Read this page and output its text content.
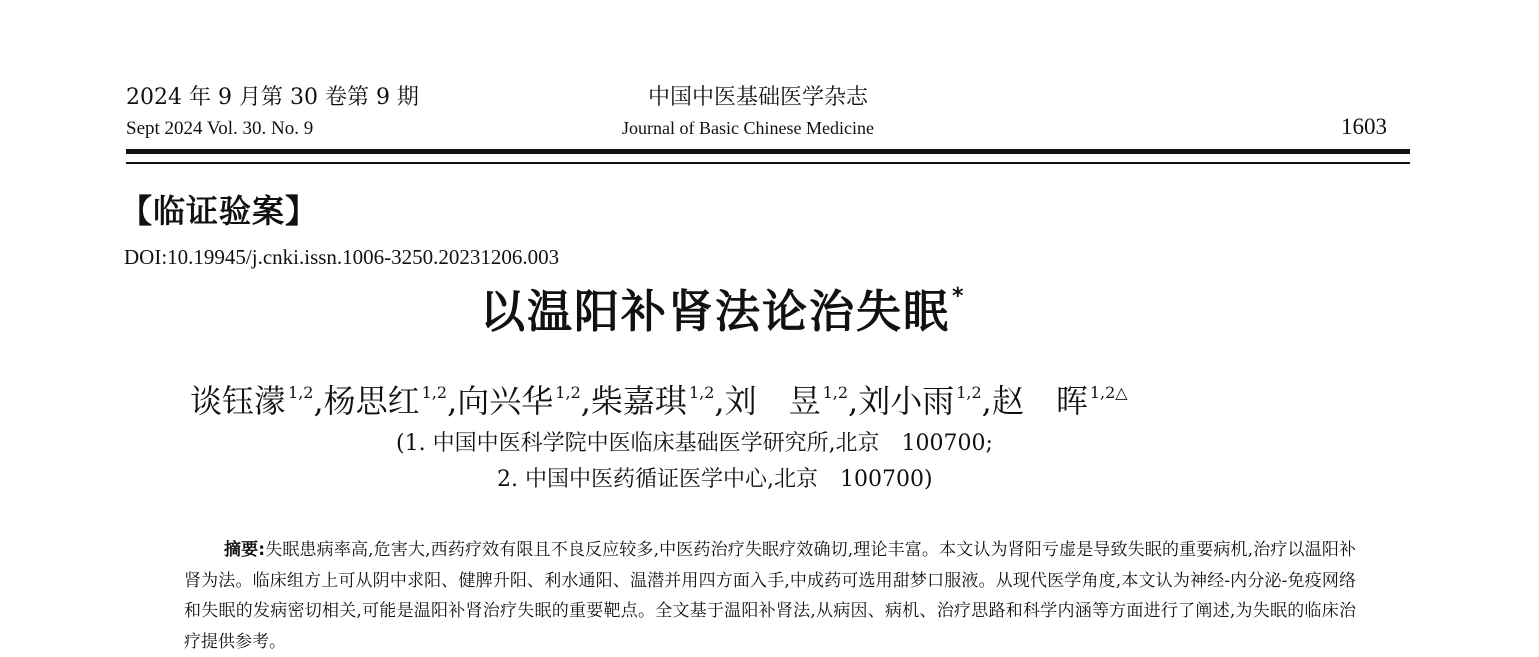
2024 年 9 月第 30 卷第 9 期
Sept 2024 Vol. 30. No. 9
中国中医基础医学杂志
Journal of Basic Chinese Medicine	1603
【临证验案】
DOI:10.19945/j.cnki.issn.1006-3250.20231206.003
以温阳补肾法论治失眠*
谈钰濛 $^{1,2}$,杨思红 $^{1,2}$,向兴华 $^{1,2}$,柴嘉琪 $^{1,2}$,刘　昱 $^{1,2}$,刘小雨 $^{1,2}$,赵　晖 $^{1,2\triangle}$
(1. 中国中医科学院中医临床基础医学研究所,北京　100700;
2. 中国中医药循证医学中心,北京　100700)
摘要:失眠患病率高,危害大,西药疗效有限且不良反应较多,中医药治疗失眠疗效确切,理论丰富。本文认为肾阳亏虚是导致失眠的重要病机,治疗以温阳补肾为法。临床组方上可从阴中求阳、健脾升阳、利水通阳、温潜并用四方面入手,中成药可选用甜梦口服液。从现代医学角度,本文认为神经-内分泌-免疫网络和失眠的发病密切相关,可能是温阳补肾治疗失眠的重要靶点。全文基于温阳补肾法,从病因、病机、治疗思路和科学内涵等方面进行了阐述,为失眠的临床治疗提供参考。
